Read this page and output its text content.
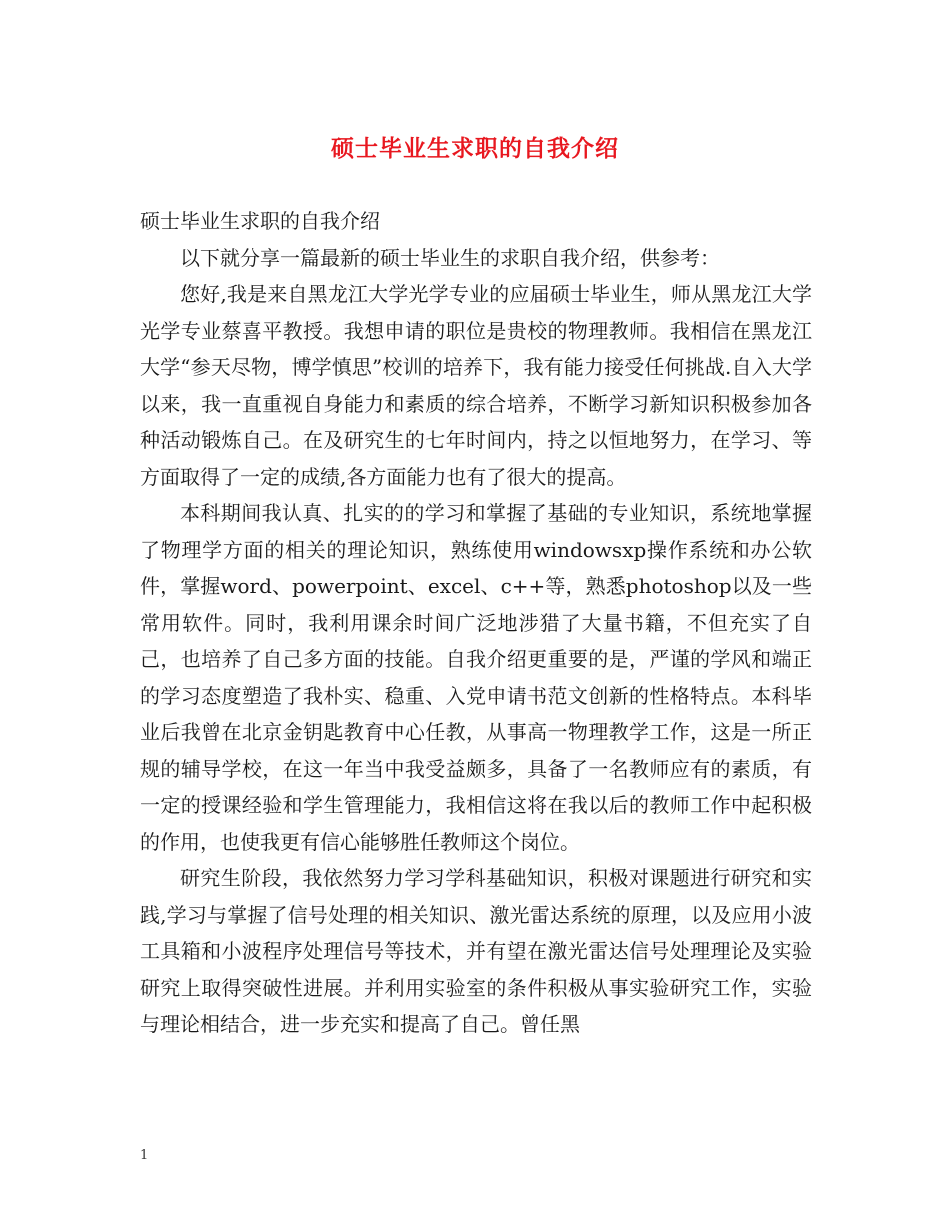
硕士毕业生求职的自我介绍

硕士毕业生求职的自我介绍

以下就分享一篇最新的硕士毕业生的求职自我介绍，供参考：

您好,我是来自黑龙江大学光学专业的应届硕士毕业生，师从黑龙江大学光学专业蔡喜平教授。我想申请的职位是贵校的物理教师。我相信在黑龙江大学“参天尽物，博学慎思”校训的培养下，我有能力接受任何挑战.自入大学以来，我一直重视自身能力和素质的综合培养，不断学习新知识积极参加各种活动锻炼自己。在及研究生的七年时间内，持之以恒地努力，在学习、等方面取得了一定的成绩,各方面能力也有了很大的提高。

本科期间我认真、扎实的的学习和掌握了基础的专业知识，系统地掌握了物理学方面的相关的理论知识，熟练使用windowsxp操作系统和办公软件，掌握word、powerpoint、excel、c++等，熟悉photoshop以及一些常用软件。同时，我利用课余时间广泛地涉猎了大量书籍，不但充实了自己，也培养了自己多方面的技能。自我介绍更重要的是，严谨的学风和端正的学习态度塑造了我朴实、稳重、入党申请书范文创新的性格特点。本科毕业后我曾在北京金钥匙教育中心任教，从事高一物理教学工作，这是一所正规的辅导学校，在这一年当中我受益颇多，具备了一名教师应有的素质，有一定的授课经验和学生管理能力，我相信这将在我以后的教师工作中起积极的作用，也使我更有信心能够胜任教师这个岗位。

研究生阶段，我依然努力学习学科基础知识，积极对课题进行研究和实践,学习与掌握了信号处理的相关知识、激光雷达系统的原理，以及应用小波工具箱和小波程序处理信号等技术，并有望在激光雷达信号处理理论及实验研究上取得突破性进展。并利用实验室的条件积极从事实验研究工作，实验与理论相结合，进一步充实和提高了自己。曾任黑

1
